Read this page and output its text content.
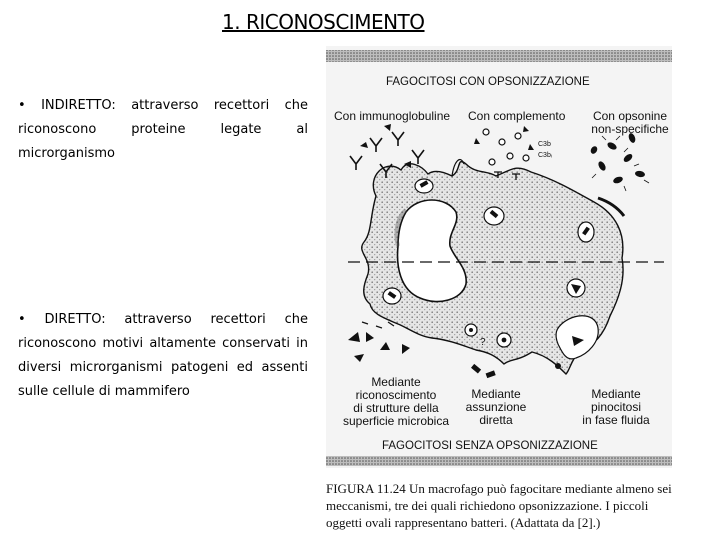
1. RICONOSCIMENTO
• INDIRETTO: attraverso recettori che riconoscono proteine legate al microrganismo
• DIRETTO: attraverso recettori che riconoscono motivi altamente conservati in diversi microrganismi patogeni ed assenti sulle cellule di mammifero
FAGOCITOSI CON OPSONIZZAZIONE
Con immunoglobuline Con complemento Con opsonine
non-specifiche
C3b
C3bᵢ
?
Mediante
riconoscimento
di strutture della
superficie microbica
Mediante
assunzione
diretta
Mediante
pinocitosi
in fase fluida
FAGOCITOSI SENZA OPSONIZZAZIONE
FIGURA 11.24 Un macrofago può fagocitare mediante almeno sei meccanismi, tre dei quali richiedono opsonizzazione. I piccoli oggetti ovali rappresentano batteri. (Adattata da [2].)
